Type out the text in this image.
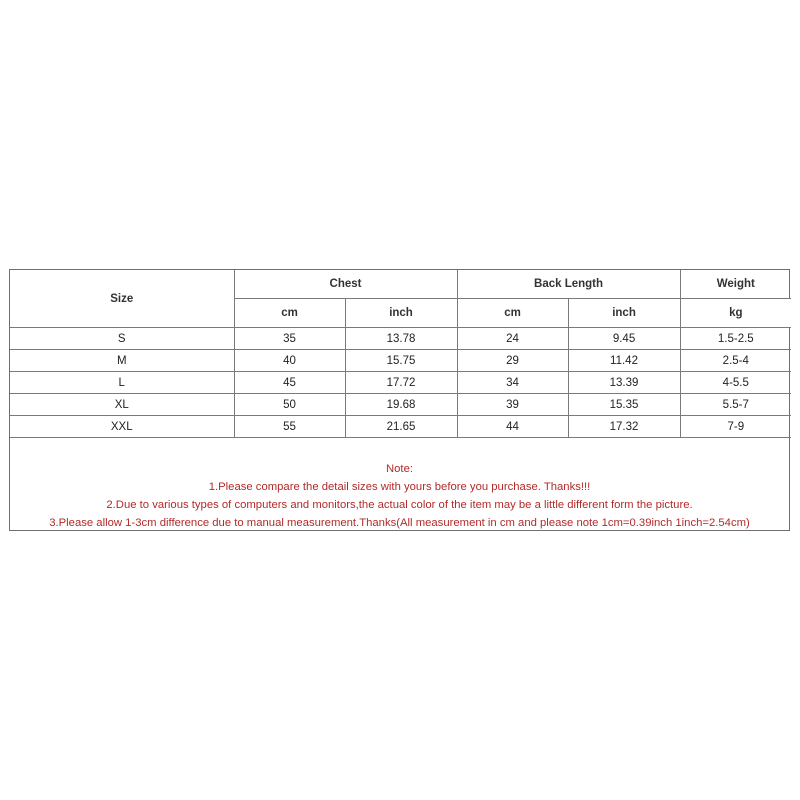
Size	Chest		Back Length		Weight
	cm	inch	cm	inch	kg
S	35	13.78	24	9.45	1.5-2.5
M	40	15.75	29	11.42	2.5-4
L	45	17.72	34	13.39	4-5.5
XL	50	19.68	39	15.35	5.5-7
XXL	55	21.65	44	17.32	7-9
Note:
1.Please compare the detail sizes with yours before you purchase. Thanks!!!
2.Due to various types of computers and monitors,the actual color of the item may be a little different form the picture.
3.Please allow 1-3cm difference due to manual measurement.Thanks(All measurement in cm and please note 1cm=0.39inch 1inch=2.54cm)
